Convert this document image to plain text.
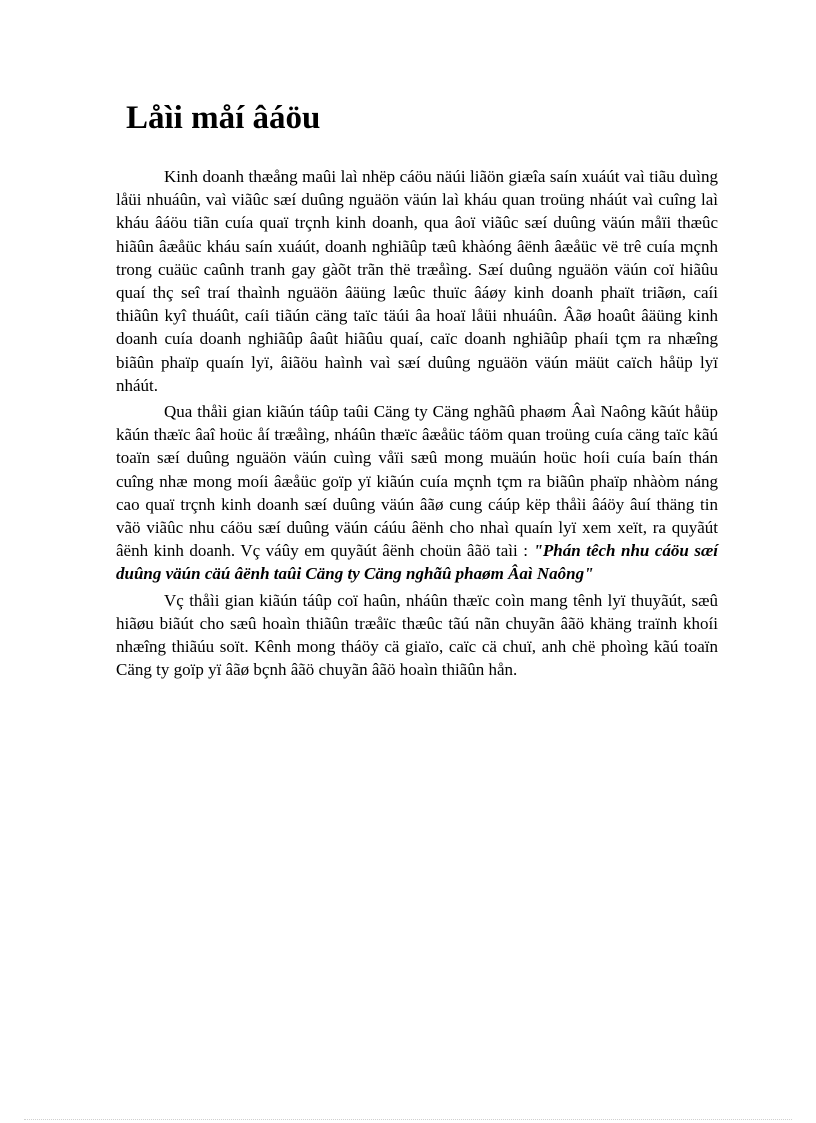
Låìi måí âáöu

Kinh doanh thæång maûi laì nhëp cáöu näúi liãön giæîa saín xuáút vaì tiãu duìng låüi nhuáûn, vaì viãûc sæí duûng nguäön väún laì kháu quan troüng nháút vaì cuîng laì kháu âáöu tiãn cuía quaï trçnh kinh doanh, qua âoï viãûc sæí duûng väún måïi thæûc hiãûn âæåüc kháu saín xuáút, doanh nghiãûp tæû khàóng âënh âæåüc vë trê cuía mçnh trong cuäüc caûnh tranh gay gàõt trãn thë træåìng. Sæí duûng nguäön väún coï hiãûu quaí thç seî traí thaình nguäön âäüng læûc thuïc âáøy kinh doanh phaït triãøn, caíi thiãûn kyî thuáût, caíi tiãún cäng taïc täúi âa hoaï låüi nhuáûn. Âãø hoaût âäüng kinh doanh cuía doanh nghiãûp âaût hiãûu quaí, caïc doanh nghiãûp phaíi tçm ra nhæîng biãûn phaïp quaín lyï, âiãöu haình vaì sæí duûng nguäön väún mäüt caïch håüp lyï nháút.

Qua thåìi gian kiãún táûp taûi Cäng ty Cäng nghãû phaøm Âaì Naông kãút håüp kãún thæïc âaî hoüc åí træåìng, nháûn thæïc âæåüc táöm quan troüng cuía cäng taïc kãú toaïn sæí duûng nguäön väún cuìng våïi sæû mong muäún hoüc hoíi cuía baín thán cuîng nhæ mong moíi âæåüc goïp yï kiãún cuía mçnh tçm ra biãûn phaïp nhàòm náng cao quaï trçnh kinh doanh sæí duûng väún âãø cung cáúp këp thåìi âáöy âuí thäng tin vãö viãûc nhu cáöu sæí duûng väún cáúu âënh cho nhaì quaín lyï xem xeït, ra quyãút âënh kinh doanh. Vç váûy em quyãút âënh choün âãö taìi : "Phán têch nhu cáöu sæí duûng väún cäú âënh taûi Cäng ty Cäng nghãû phaøm Âaì Naông"

Vç thåìi gian kiãún táûp coï haûn, nháûn thæïc coìn mang tênh lyï thuyãút, sæû hiãøu biãút cho sæû hoaìn thiãûn træåïc thæûc tãú nãn chuyãn âãö khäng traïnh khoíi nhæîng thiãúu soït. Kênh mong tháöy cä giaïo, caïc cä chuï, anh chë phoìng kãú toaïn Cäng ty goïp yï âãø bçnh âãö chuyãn âãö hoaìn thiãûn hån.
